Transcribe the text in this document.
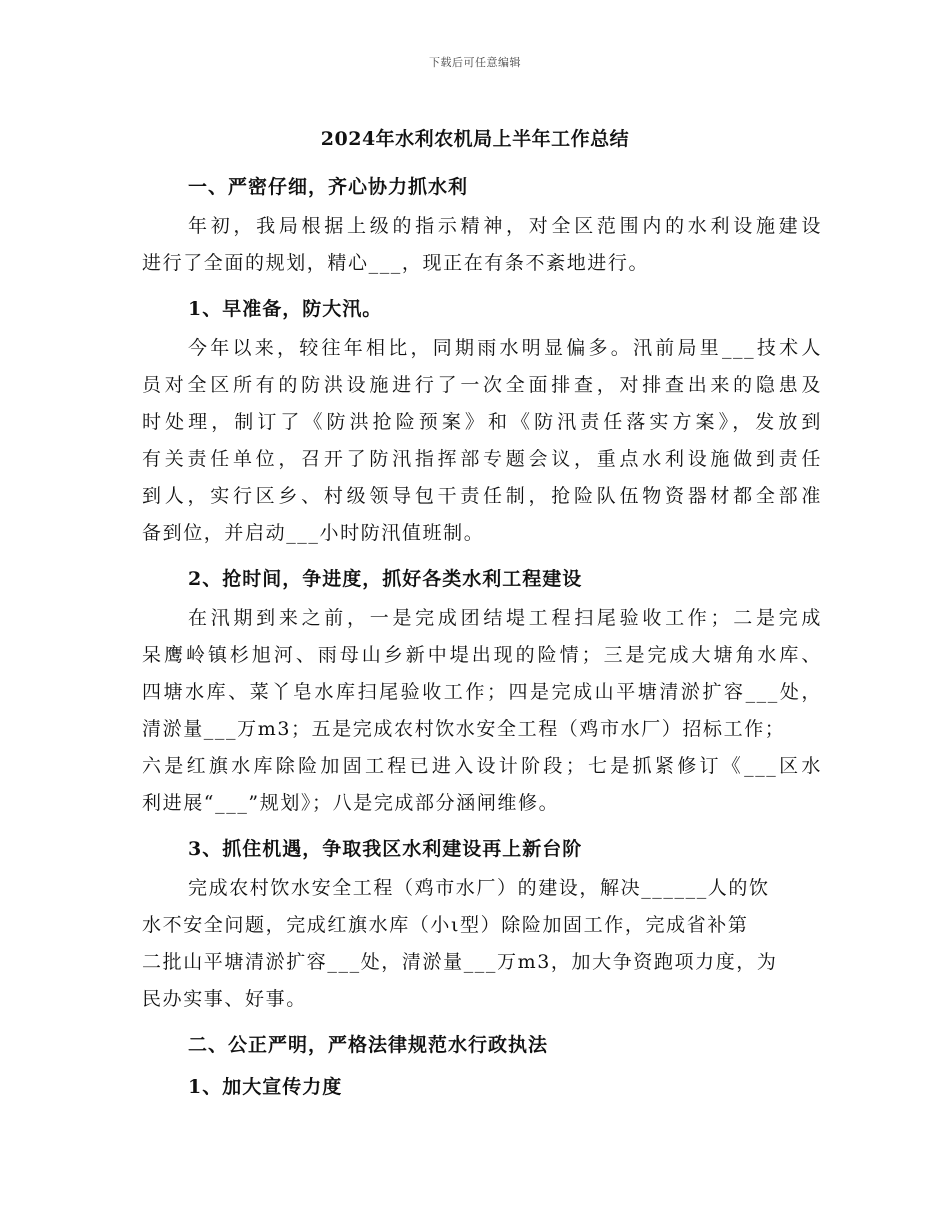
下载后可任意编辑
2024年水利农机局上半年工作总结
一、严密仔细，齐心协力抓水利
年初，我局根据上级的指示精神，对全区范围内的水利设施建设
进行了全面的规划，精心___，现正在有条不紊地进行。
1、早准备，防大汛。
今年以来，较往年相比，同期雨水明显偏多。汛前局里___技术人
员对全区所有的防洪设施进行了一次全面排查，对排查出来的隐患及
时处理，制订了《防洪抢险预案》和《防汛责任落实方案》，发放到
有关责任单位，召开了防汛指挥部专题会议，重点水利设施做到责任
到人，实行区乡、村级领导包干责任制，抢险队伍物资器材都全部准
备到位，并启动___小时防汛值班制。
2、抢时间，争进度，抓好各类水利工程建设
在汛期到来之前，一是完成团结堤工程扫尾验收工作；二是完成
呆鹰岭镇杉旭河、雨母山乡新中堤出现的险情；三是完成大塘角水库、
四塘水库、菜丫皂水库扫尾验收工作；四是完成山平塘清淤扩容___处，
清淤量___万m3；五是完成农村饮水安全工程（鸡市水厂）招标工作；
六是红旗水库除险加固工程已进入设计阶段；七是抓紧修订《___区水
利进展“___”规划》；八是完成部分涵闸维修。
3、抓住机遇，争取我区水利建设再上新台阶
完成农村饮水安全工程（鸡市水厂）的建设，解决______人的饮
水不安全问题，完成红旗水库（小ι型）除险加固工作，完成省补第
二批山平塘清淤扩容___处，清淤量___万m3，加大争资跑项力度，为
民办实事、好事。
二、公正严明，严格法律规范水行政执法
1、加大宣传力度
